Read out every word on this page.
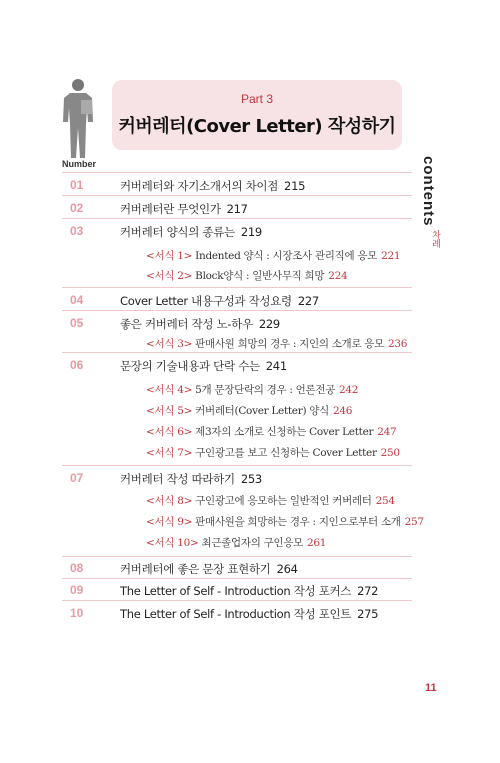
Part 3
커버레터(Cover Letter) 작성하기
Number	contents
차례
01	커버레터와 자기소개서의 차이점 215
02	커버레터란 무엇인가 217
03	커버레터 양식의 종류는 219
<서식 1> Indented 양식 : 시장조사 관리직에 응모 221
<서식 2> Block양식 : 일반사무직 희망 224
04	Cover Letter 내용구성과 작성요령 227
05	좋은 커버레터 작성 노-하우 229
<서식 3> 판매사원 희망의 경우 : 지인의 소개로 응모 236
06	문장의 기술내용과 단락 수는 241
<서식 4> 5개 문장단락의 경우 : 언론전공 242
<서식 5> 커버레터(Cover Letter) 양식 246
<서식 6> 제3자의 소개로 신청하는 Cover Letter 247
<서식 7> 구인광고를 보고 신청하는 Cover Letter 250
07	커버레터 작성 따라하기 253
<서식 8> 구인광고에 응모하는 일반적인 커버레터 254
<서식 9> 판매사원을 희망하는 경우 : 지인으로부터 소개 257
<서식 10> 최근졸업자의 구인응모 261
08	커버레터에 좋은 문장 표현하기 264
09	The Letter of Self - Introduction 작성 포커스 272
10	The Letter of Self - Introduction 작성 포인트 275
11
